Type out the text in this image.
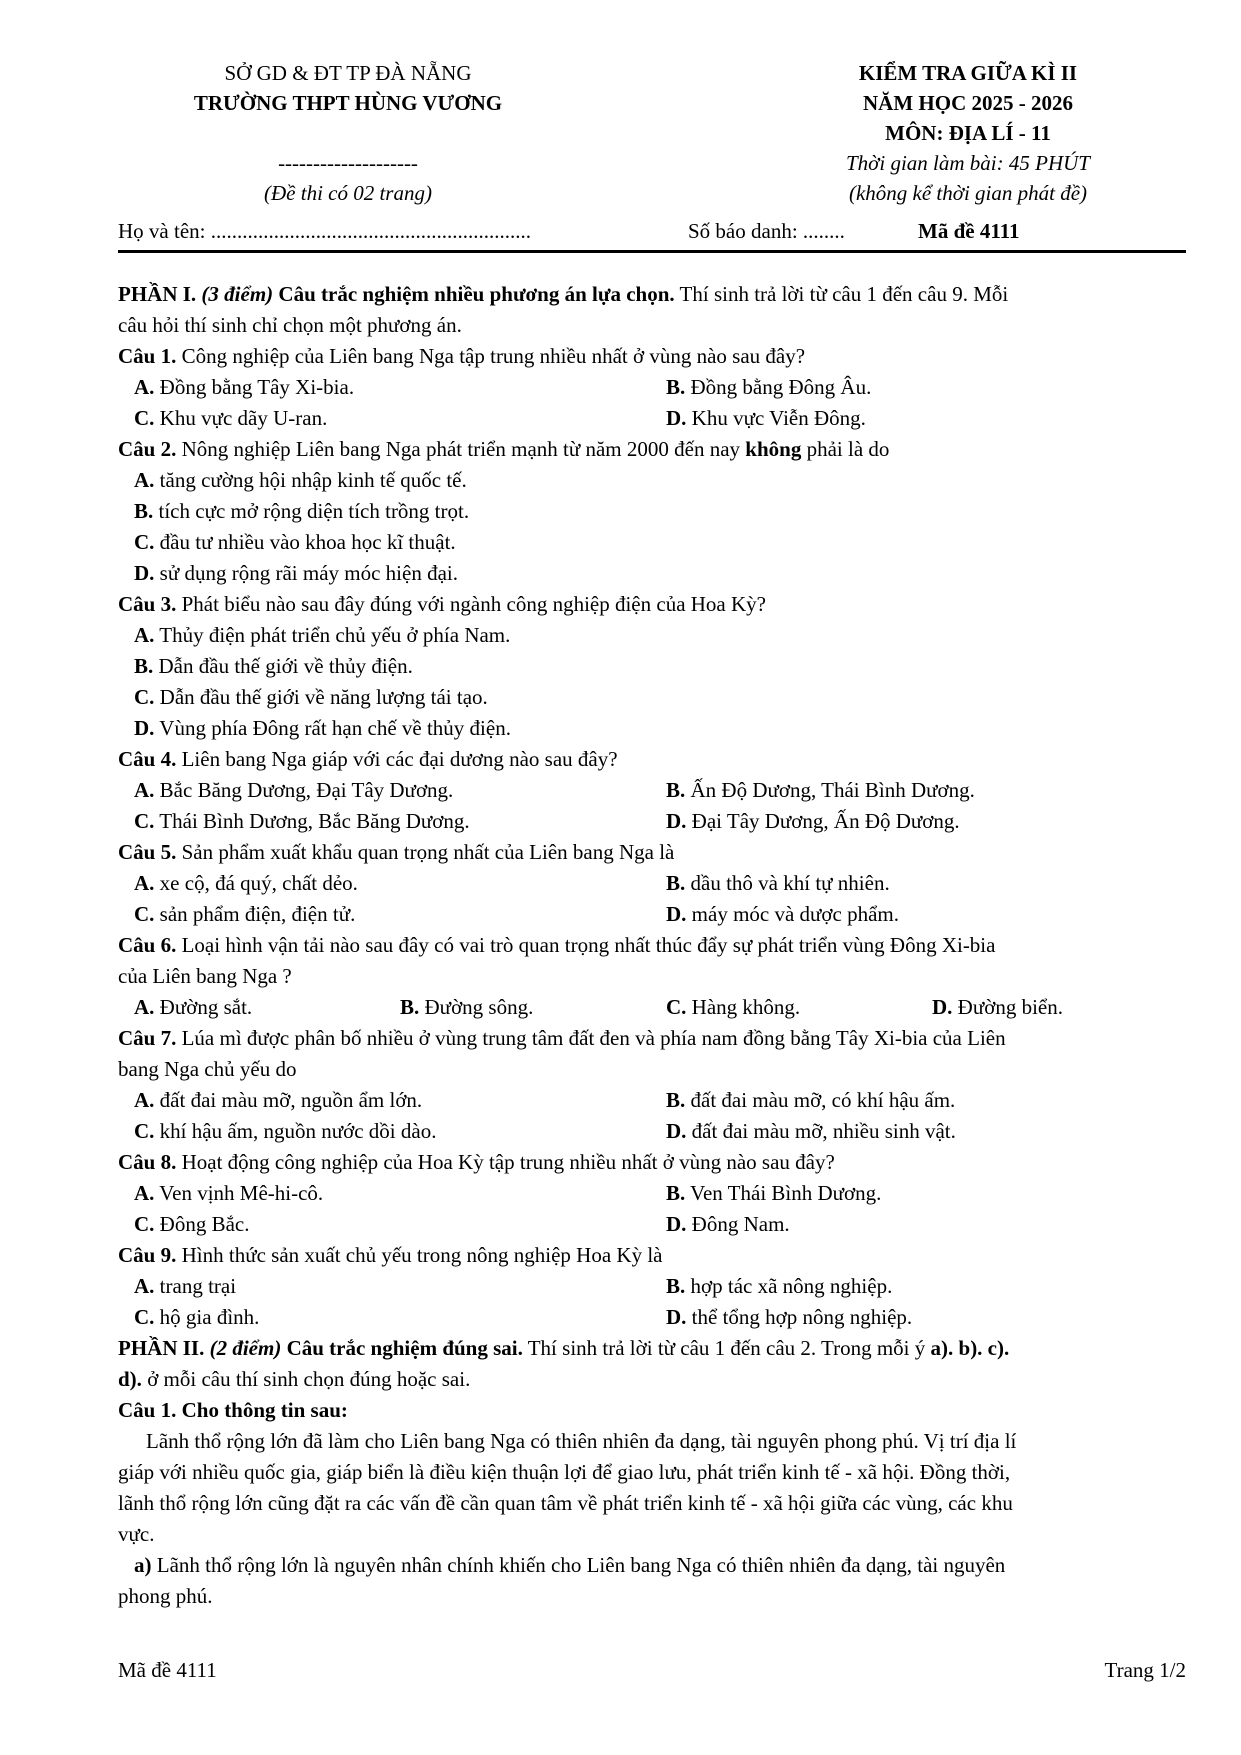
SỞ GD & ĐT TP ĐÀ NẴNG
TRƯỜNG THPT HÙNG VƯƠNG
--------------------
(Đề thi có 02 trang)
KIỂM TRA GIỮA KÌ II
NĂM HỌC 2025 - 2026
MÔN: ĐỊA LÍ - 11
Thời gian làm bài: 45 PHÚT
(không kể thời gian phát đề)
Họ và tên: .............................................................	Số báo danh: ........	Mã đề 4111

PHẦN I. (3 điểm) Câu trắc nghiệm nhiều phương án lựa chọn. Thí sinh trả lời từ câu 1 đến câu 9. Mỗi

câu hỏi thí sinh chỉ chọn một phương án.

Câu 1. Công nghiệp của Liên bang Nga tập trung nhiều nhất ở vùng nào sau đây?

A. Đồng bằng Tây Xi-bia.	B. Đồng bằng Đông Âu.
C. Khu vực dãy U-ran.	D. Khu vực Viễn Đông.

Câu 2. Nông nghiệp Liên bang Nga phát triển mạnh từ năm 2000 đến nay không phải là do

A. tăng cường hội nhập kinh tế quốc tế.
B. tích cực mở rộng diện tích trồng trọt.
C. đầu tư nhiều vào khoa học kĩ thuật.
D. sử dụng rộng rãi máy móc hiện đại.

Câu 3. Phát biểu nào sau đây đúng với ngành công nghiệp điện của Hoa Kỳ?

A. Thủy điện phát triển chủ yếu ở phía Nam.
B. Dẫn đầu thế giới về thủy điện.
C. Dẫn đầu thế giới về năng lượng tái tạo.
D. Vùng phía Đông rất hạn chế về thủy điện.

Câu 4. Liên bang Nga giáp với các đại dương nào sau đây?

A. Bắc Băng Dương, Đại Tây Dương.	B. Ấn Độ Dương, Thái Bình Dương.
C. Thái Bình Dương, Bắc Băng Dương.	D. Đại Tây Dương, Ấn Độ Dương.

Câu 5. Sản phẩm xuất khẩu quan trọng nhất của Liên bang Nga là

A. xe cộ, đá quý, chất dẻo.	B. dầu thô và khí tự nhiên.
C. sản phẩm điện, điện tử.	D. máy móc và dược phẩm.

Câu 6. Loại hình vận tải nào sau đây có vai trò quan trọng nhất thúc đẩy sự phát triển vùng Đông Xi-bia

của Liên bang Nga ?

A. Đường sắt.	B. Đường sông.	C. Hàng không.	D. Đường biển.

Câu 7. Lúa mì được phân bố nhiều ở vùng trung tâm đất đen và phía nam đồng bằng Tây Xi-bia của Liên

bang Nga chủ yếu do

A. đất đai màu mỡ, nguồn ẩm lớn.	B. đất đai màu mỡ, có khí hậu ấm.
C. khí hậu ấm, nguồn nước dồi dào.	D. đất đai màu mỡ, nhiều sinh vật.

Câu 8. Hoạt động công nghiệp của Hoa Kỳ tập trung nhiều nhất ở vùng nào sau đây?

A. Ven vịnh Mê-hi-cô.	B. Ven Thái Bình Dương.
C. Đông Bắc.	D. Đông Nam.

Câu 9. Hình thức sản xuất chủ yếu trong nông nghiệp Hoa Kỳ là

A. trang trại	B. hợp tác xã nông nghiệp.
C. hộ gia đình.	D. thể tổng hợp nông nghiệp.

PHẦN II. (2 điểm) Câu trắc nghiệm đúng sai. Thí sinh trả lời từ câu 1 đến câu 2. Trong mỗi ý a). b). c).

d). ở mỗi câu thí sinh chọn đúng hoặc sai.

Câu 1. Cho thông tin sau:

Lãnh thổ rộng lớn đã làm cho Liên bang Nga có thiên nhiên đa dạng, tài nguyên phong phú. Vị trí địa lí

giáp với nhiều quốc gia, giáp biển là điều kiện thuận lợi để giao lưu, phát triển kinh tế - xã hội. Đồng thời,

lãnh thổ rộng lớn cũng đặt ra các vấn đề cần quan tâm về phát triển kinh tế - xã hội giữa các vùng, các khu

vực.

a) Lãnh thổ rộng lớn là nguyên nhân chính khiến cho Liên bang Nga có thiên nhiên đa dạng, tài nguyên

phong phú.

Mã đề 4111	Trang 1/2
